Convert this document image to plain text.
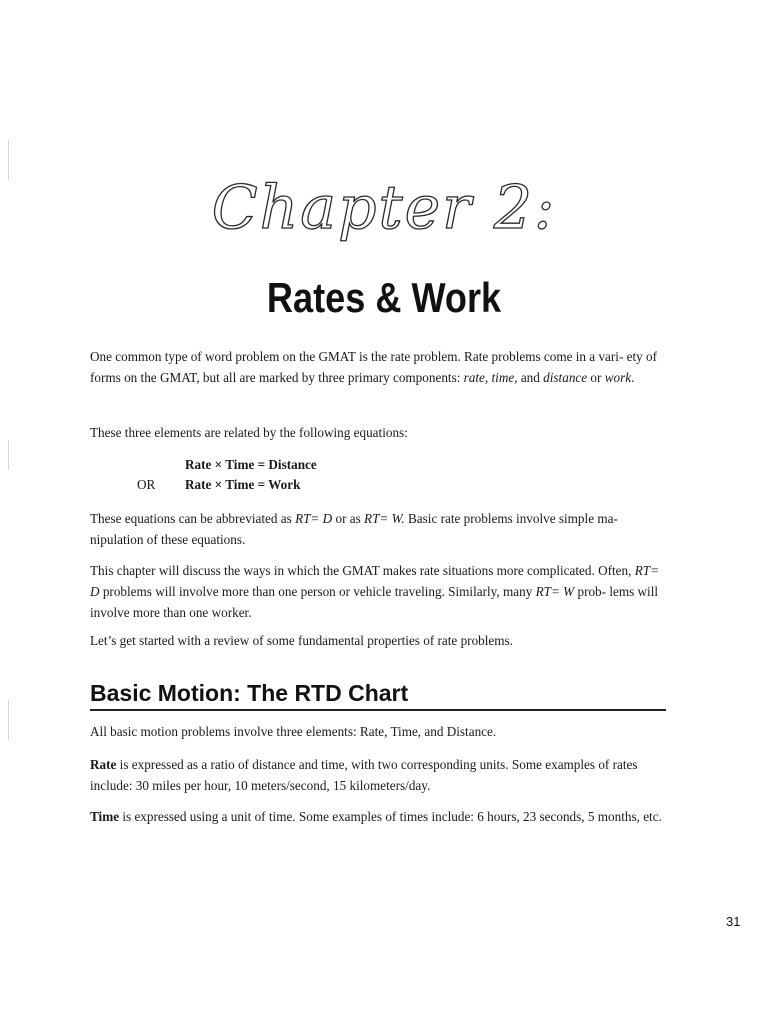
Chapter 2:
Rates & Work

One common type of word problem on the GMAT is the rate problem. Rate problems come in a vari- ety of forms on the GMAT, but all are marked by three primary components: rate, time, and distance or work.

These three elements are related by the following equations:

Rate × Time = Distance
OR Rate × Time = Work

These equations can be abbreviated as RT= D or as RT= W. Basic rate problems involve simple ma- nipulation of these equations.

This chapter will discuss the ways in which the GMAT makes rate situations more complicated. Often, RT= D problems will involve more than one person or vehicle traveling. Similarly, many RT= W prob- lems will involve more than one worker.

Let’s get started with a review of some fundamental properties of rate problems.

Basic Motion: The RTD Chart

All basic motion problems involve three elements: Rate, Time, and Distance.

Rate is expressed as a ratio of distance and time, with two corresponding units. Some examples of rates include: 30 miles per hour, 10 meters/second, 15 kilometers/day.

Time is expressed using a unit of time. Some examples of times include: 6 hours, 23 seconds, 5 months, etc.

31
